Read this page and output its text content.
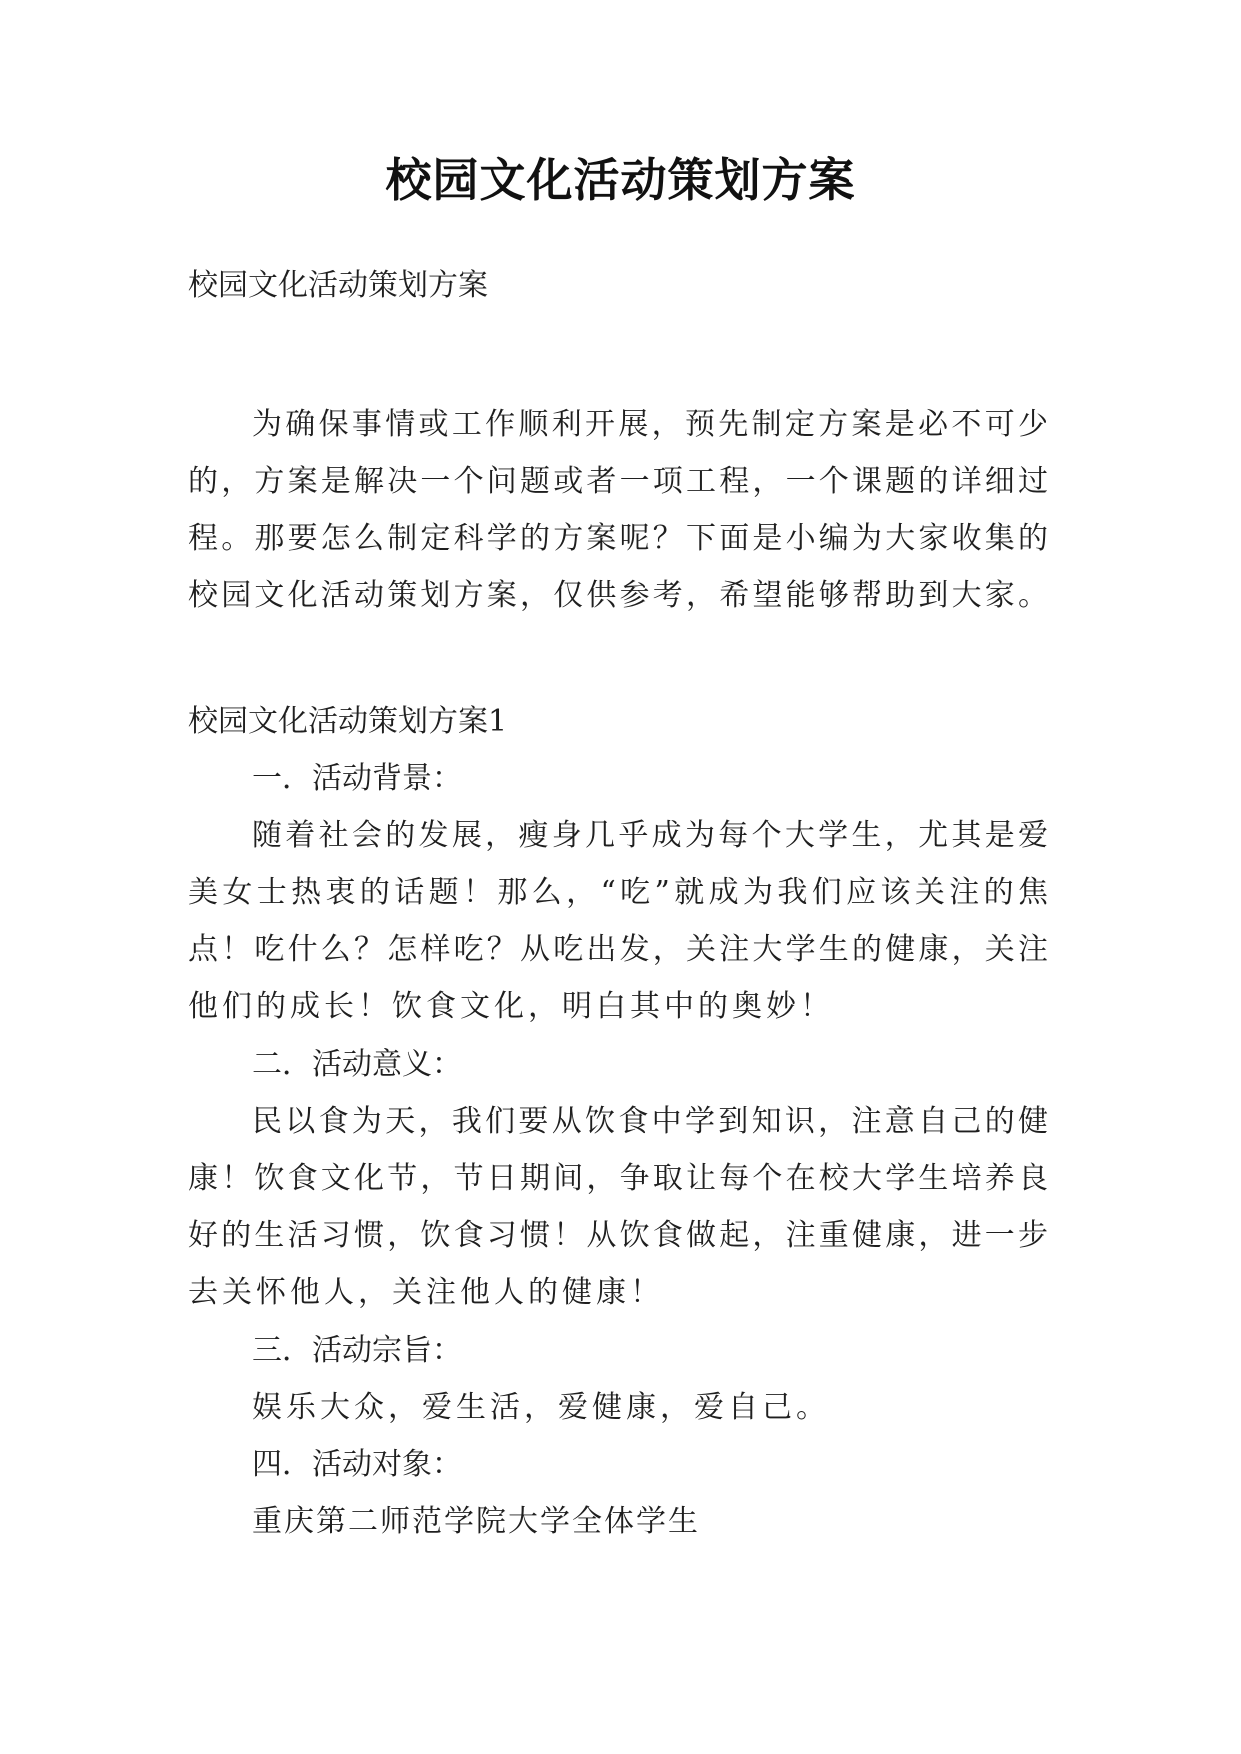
校园文化活动策划方案
校园文化活动策划方案
为确保事情或工作顺利开展，预先制定方案是必不可少
的，方案是解决一个问题或者一项工程，一个课题的详细过
程。那要怎么制定科学的方案呢？下面是小编为大家收集的
校园文化活动策划方案，仅供参考，希望能够帮助到大家。
校园文化活动策划方案1
一．活动背景：
随着社会的发展，瘦身几乎成为每个大学生，尤其是爱
美女士热衷的话题！那么，“吃”就成为我们应该关注的焦
点！吃什么？怎样吃？从吃出发，关注大学生的健康，关注
他们的成长！饮食文化，明白其中的奥妙！
二．活动意义：
民以食为天，我们要从饮食中学到知识，注意自己的健
康！饮食文化节，节日期间，争取让每个在校大学生培养良
好的生活习惯，饮食习惯！从饮食做起，注重健康，进一步
去关怀他人，关注他人的健康！
三．活动宗旨：
娱乐大众，爱生活，爱健康，爱自己。
四．活动对象：
重庆第二师范学院大学全体学生
